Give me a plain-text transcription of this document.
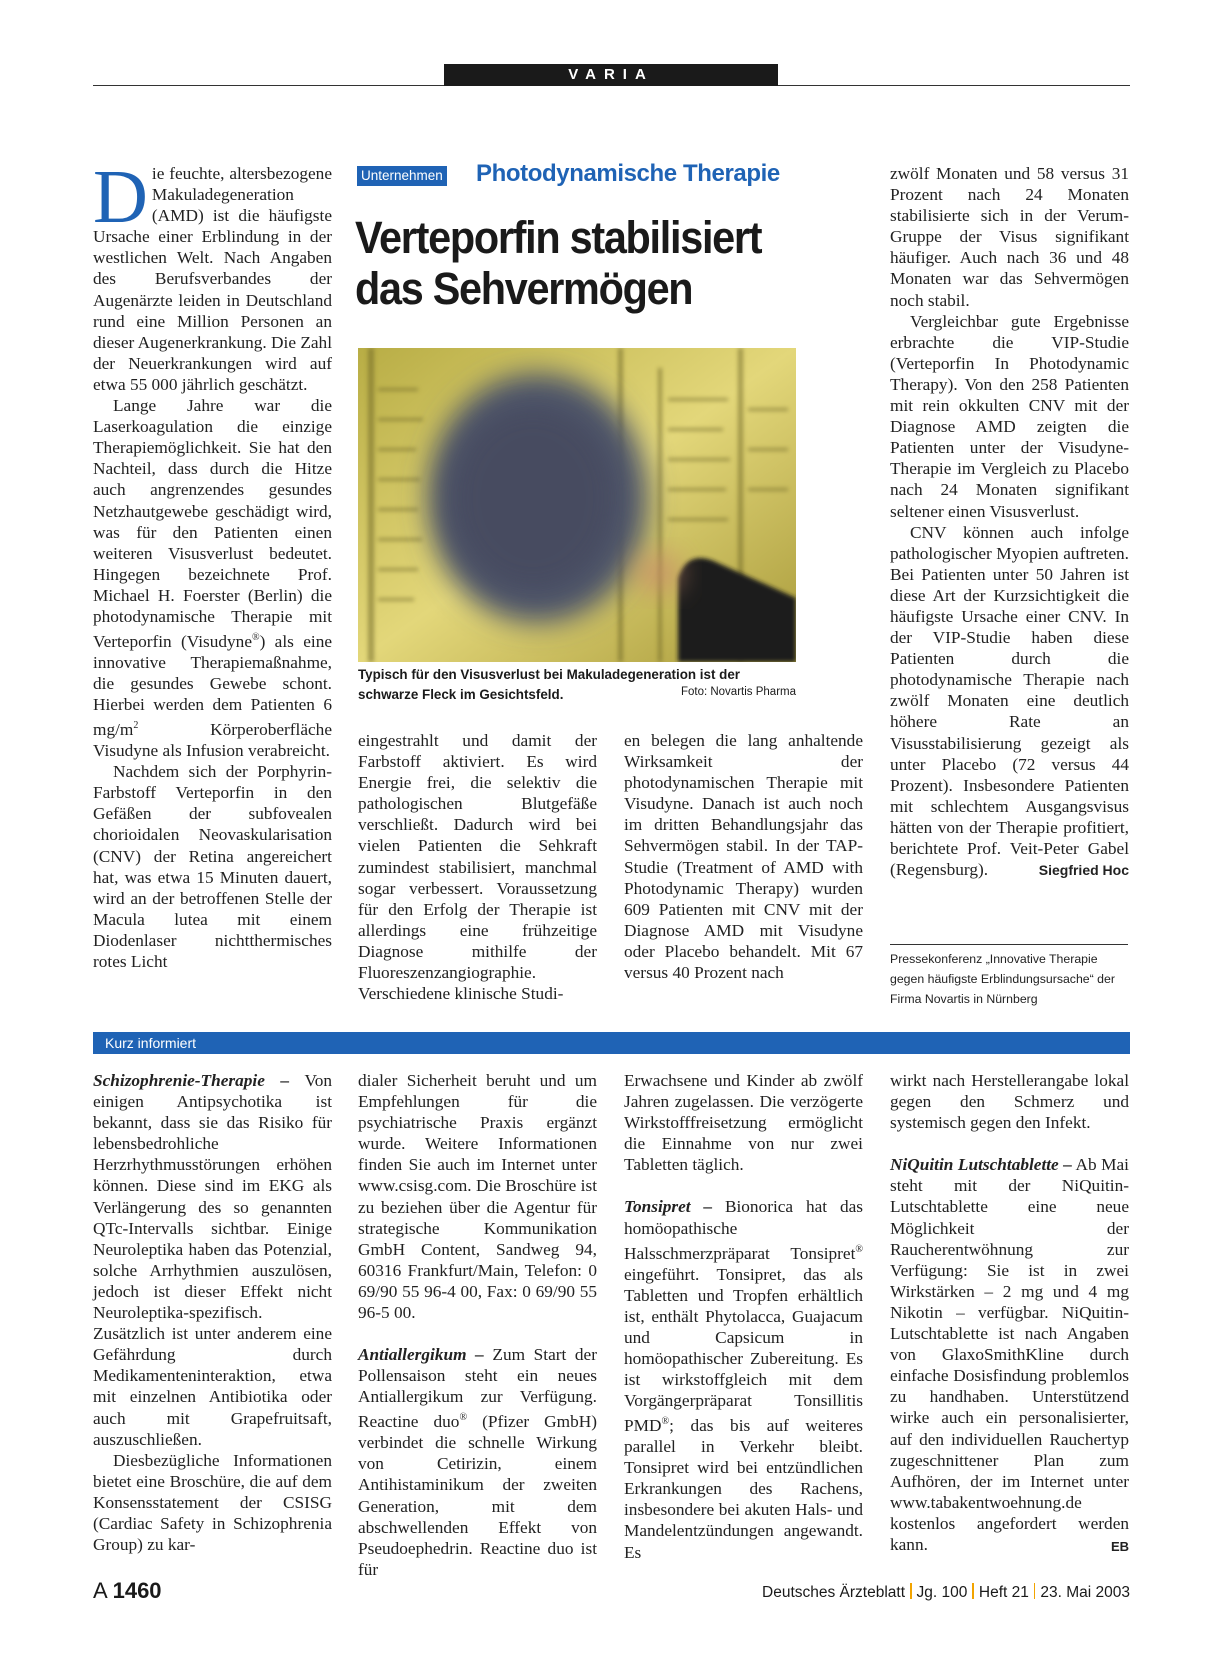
VARIA

Die feuchte, altersbezogene Makuladegeneration (AMD) ist die häufigste Ursache einer Erblindung in der westlichen Welt. Nach Angaben des Berufsverbandes der Augenärzte leiden in Deutschland rund eine Million Personen an dieser Augenerkrankung. Die Zahl der Neuerkrankungen wird auf etwa 55 000 jährlich geschätzt.

Lange Jahre war die Laserkoagulation die einzige Therapiemöglichkeit. Sie hat den Nachteil, dass durch die Hitze auch angrenzendes gesundes Netzhautgewebe geschädigt wird, was für den Patienten einen weiteren Visusverlust bedeutet. Hingegen bezeichnete Prof. Michael H. Foerster (Berlin) die photodynamische Therapie mit Verteporfin (Visudyne®) als eine innovative Therapiemaßnahme, die gesundes Gewebe schont. Hierbei werden dem Patienten 6 $mg/m^2$ Körperoberfläche Visudyne als Infusion verabreicht.

Nachdem sich der Porphyrin-Farbstoff Verteporfin in den Gefäßen der subfovealen chorioidalen Neovaskularisation (CNV) der Retina angereichert hat, was etwa 15 Minuten dauert, wird an der betroffenen Stelle der Macula lutea mit einem Diodenlaser nichtthermisches rotes Licht

Unternehmen Photodynamische Therapie
Verteporfin stabilisiert
das Sehvermögen
Typisch für den Visusverlust bei Makuladegeneration ist der schwarze Fleck im Gesichtsfeld.	Foto: Novartis Pharma
eingestrahlt und damit der Farbstoff aktiviert. Es wird Energie frei, die selektiv die pathologischen Blutgefäße verschließt. Dadurch wird bei vielen Patienten die Sehkraft zumindest stabilisiert, manchmal sogar verbessert. Voraussetzung für den Erfolg der Therapie ist allerdings eine frühzeitige Diagnose mithilfe der Fluoreszenzangiographie. Verschiedene klinische Studi-
en belegen die lang anhaltende Wirksamkeit der photodynamischen Therapie mit Visudyne. Danach ist auch noch im dritten Behandlungsjahr das Sehvermögen stabil. In der TAP-Studie (Treatment of AMD with Photodynamic Therapy) wurden 609 Patienten mit CNV mit der Diagnose AMD mit Visudyne oder Placebo behandelt. Mit 67 versus 40 Prozent nach

zwölf Monaten und 58 versus 31 Prozent nach 24 Monaten stabilisierte sich in der Verum-Gruppe der Visus signifikant häufiger. Auch nach 36 und 48 Monaten war das Sehvermögen noch stabil.

Vergleichbar gute Ergebnisse erbrachte die VIP-Studie (Verteporfin In Photodynamic Therapy). Von den 258 Patienten mit rein okkulten CNV mit der Diagnose AMD zeigten die Patienten unter der Visudyne-Therapie im Vergleich zu Placebo nach 24 Monaten signifikant seltener einen Visusverlust.

CNV können auch infolge pathologischer Myopien auftreten. Bei Patienten unter 50 Jahren ist diese Art der Kurzsichtigkeit die häufigste Ursache einer CNV. In der VIP-Studie haben diese Patienten durch die photodynamische Therapie nach zwölf Monaten eine deutlich höhere Rate an Visusstabilisierung gezeigt als unter Placebo (72 versus 44 Prozent). Insbesondere Patienten mit schlechtem Ausgangsvisus hätten von der Therapie profitiert, berichtete Prof. Veit-Peter Gabel (Regensburg).	Siegfried Hoc

Pressekonferenz „Innovative Therapie gegen häufigste Erblindungsursache“ der Firma Novartis in Nürnberg
Kurz informiert

Schizophrenie-Therapie – Von einigen Antipsychotika ist bekannt, dass sie das Risiko für lebensbedrohliche Herzrhythmusstörungen erhöhen können. Diese sind im EKG als Verlängerung des so genannten QTc-Intervalls sichtbar. Einige Neuroleptika haben das Potenzial, solche Arrhythmien auszulösen, jedoch ist dieser Effekt nicht Neuroleptika-spezifisch. Zusätzlich ist unter anderem eine Gefährdung durch Medikamenteninteraktion, etwa mit einzelnen Antibiotika oder auch mit Grapefruitsaft, auszuschließen.

Diesbezügliche Informationen bietet eine Broschüre, die auf dem Konsensstatement der CSISG (Cardiac Safety in Schizophrenia Group) zu kar-

dialer Sicherheit beruht und um Empfehlungen für die psychiatrische Praxis ergänzt wurde. Weitere Informationen finden Sie auch im Internet unter www.csisg.com. Die Broschüre ist zu beziehen über die Agentur für strategische Kommunikation GmbH Content, Sandweg 94, 60316 Frankfurt/Main, Telefon: 0 69/90 55 96-4 00, Fax: 0 69/90 55 96-5 00.

Antiallergikum – Zum Start der Pollensaison steht ein neues Antiallergikum zur Verfügung. Reactine duo® (Pfizer GmbH) verbindet die schnelle Wirkung von Cetirizin, einem Antihistaminikum der zweiten Generation, mit dem abschwellenden Effekt von Pseudoephedrin. Reactine duo ist für

Erwachsene und Kinder ab zwölf Jahren zugelassen. Die verzögerte Wirkstofffreisetzung ermöglicht die Einnahme von nur zwei Tabletten täglich.

Tonsipret – Bionorica hat das homöopathische Halsschmerzpräparat Tonsipret® eingeführt. Tonsipret, das als Tabletten und Tropfen erhältlich ist, enthält Phytolacca, Guajacum und Capsicum in homöopathischer Zubereitung. Es ist wirkstoffgleich mit dem Vorgängerpräparat Tonsillitis PMD®; das bis auf weiteres parallel in Verkehr bleibt. Tonsipret wird bei entzündlichen Erkrankungen des Rachens, insbesondere bei akuten Hals- und Mandelentzündungen angewandt. Es

wirkt nach Herstellerangabe lokal gegen den Schmerz und systemisch gegen den Infekt.

NiQuitin Lutschtablette – Ab Mai steht mit der NiQuitin-Lutschtablette eine neue Möglichkeit der Raucherentwöhnung zur Verfügung: Sie ist in zwei Wirkstärken – 2 mg und 4 mg Nikotin – verfügbar. NiQuitin-Lutschtablette ist nach Angaben von GlaxoSmithKline durch einfache Dosisfindung problemlos zu handhaben. Unterstützend wirke auch ein personalisierter, auf den individuellen Rauchertyp zugeschnittener Plan zum Aufhören, der im Internet unter www.tabakentwoehnung.de kostenlos angefordert werden kann.	EB

A 1460	Deutsches Ärzteblatt Jg. 100 Heft 21 23. Mai 2003
